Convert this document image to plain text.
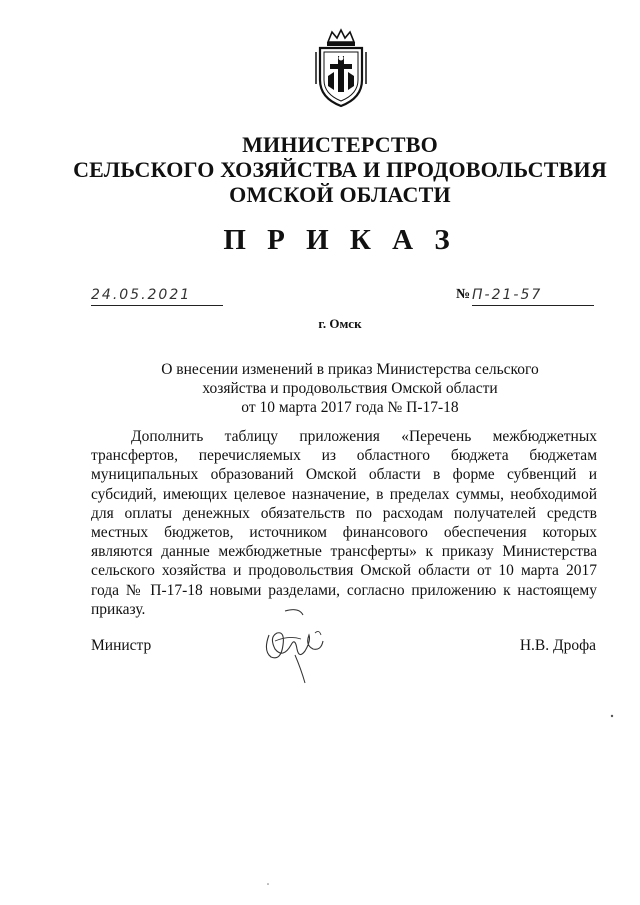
МИНИСТЕРСТВО
СЕЛЬСКОГО ХОЗЯЙСТВА И ПРОДОВОЛЬСТВИЯ
ОМСКОЙ ОБЛАСТИ
П Р И К А З
24.05.2021	№ П-21-57
г. Омск
О внесении изменений в приказ Министерства сельского
хозяйства и продовольствия Омской области
от 10 марта 2017 года № П-17-18
Дополнить таблицу приложения «Перечень межбюджетных трансфертов, перечисляемых из областного бюджета бюджетам муниципальных образований Омской области в форме субвенций и субсидий, имеющих целевое назначение, в пределах суммы, необходимой для оплаты денежных обязательств по расходам получателей средств местных бюджетов, источником финансового обеспечения которых являются данные межбюджетные трансферты» к приказу Министерства сельского хозяйства и продовольствия Омской области от 10 марта 2017 года № П-17-18 новыми разделами, согласно приложению к настоящему приказу.
Министр	Н.В. Дрофа
